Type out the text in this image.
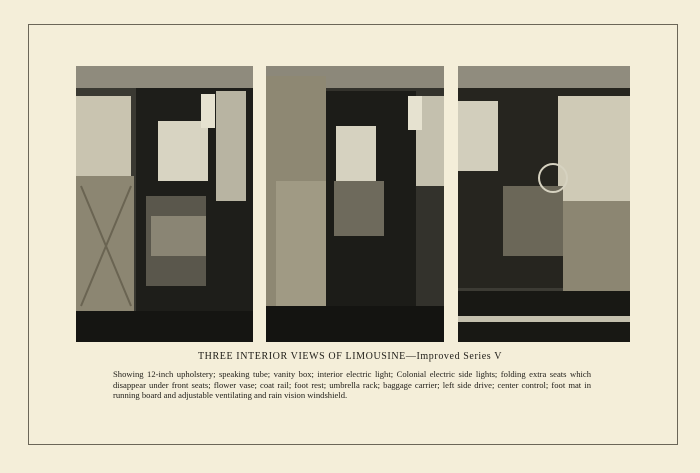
THREE INTERIOR VIEWS OF LIMOUSINE—Improved Series V
Showing 12-inch upholstery; speaking tube; vanity box; interior electric light; Colonial electric side lights; folding extra seats which disappear under front seats; flower vase; coat rail; foot rest; umbrella rack; baggage carrier; left side drive; center control; foot mat in running board and adjustable ventilating and rain vision windshield.
